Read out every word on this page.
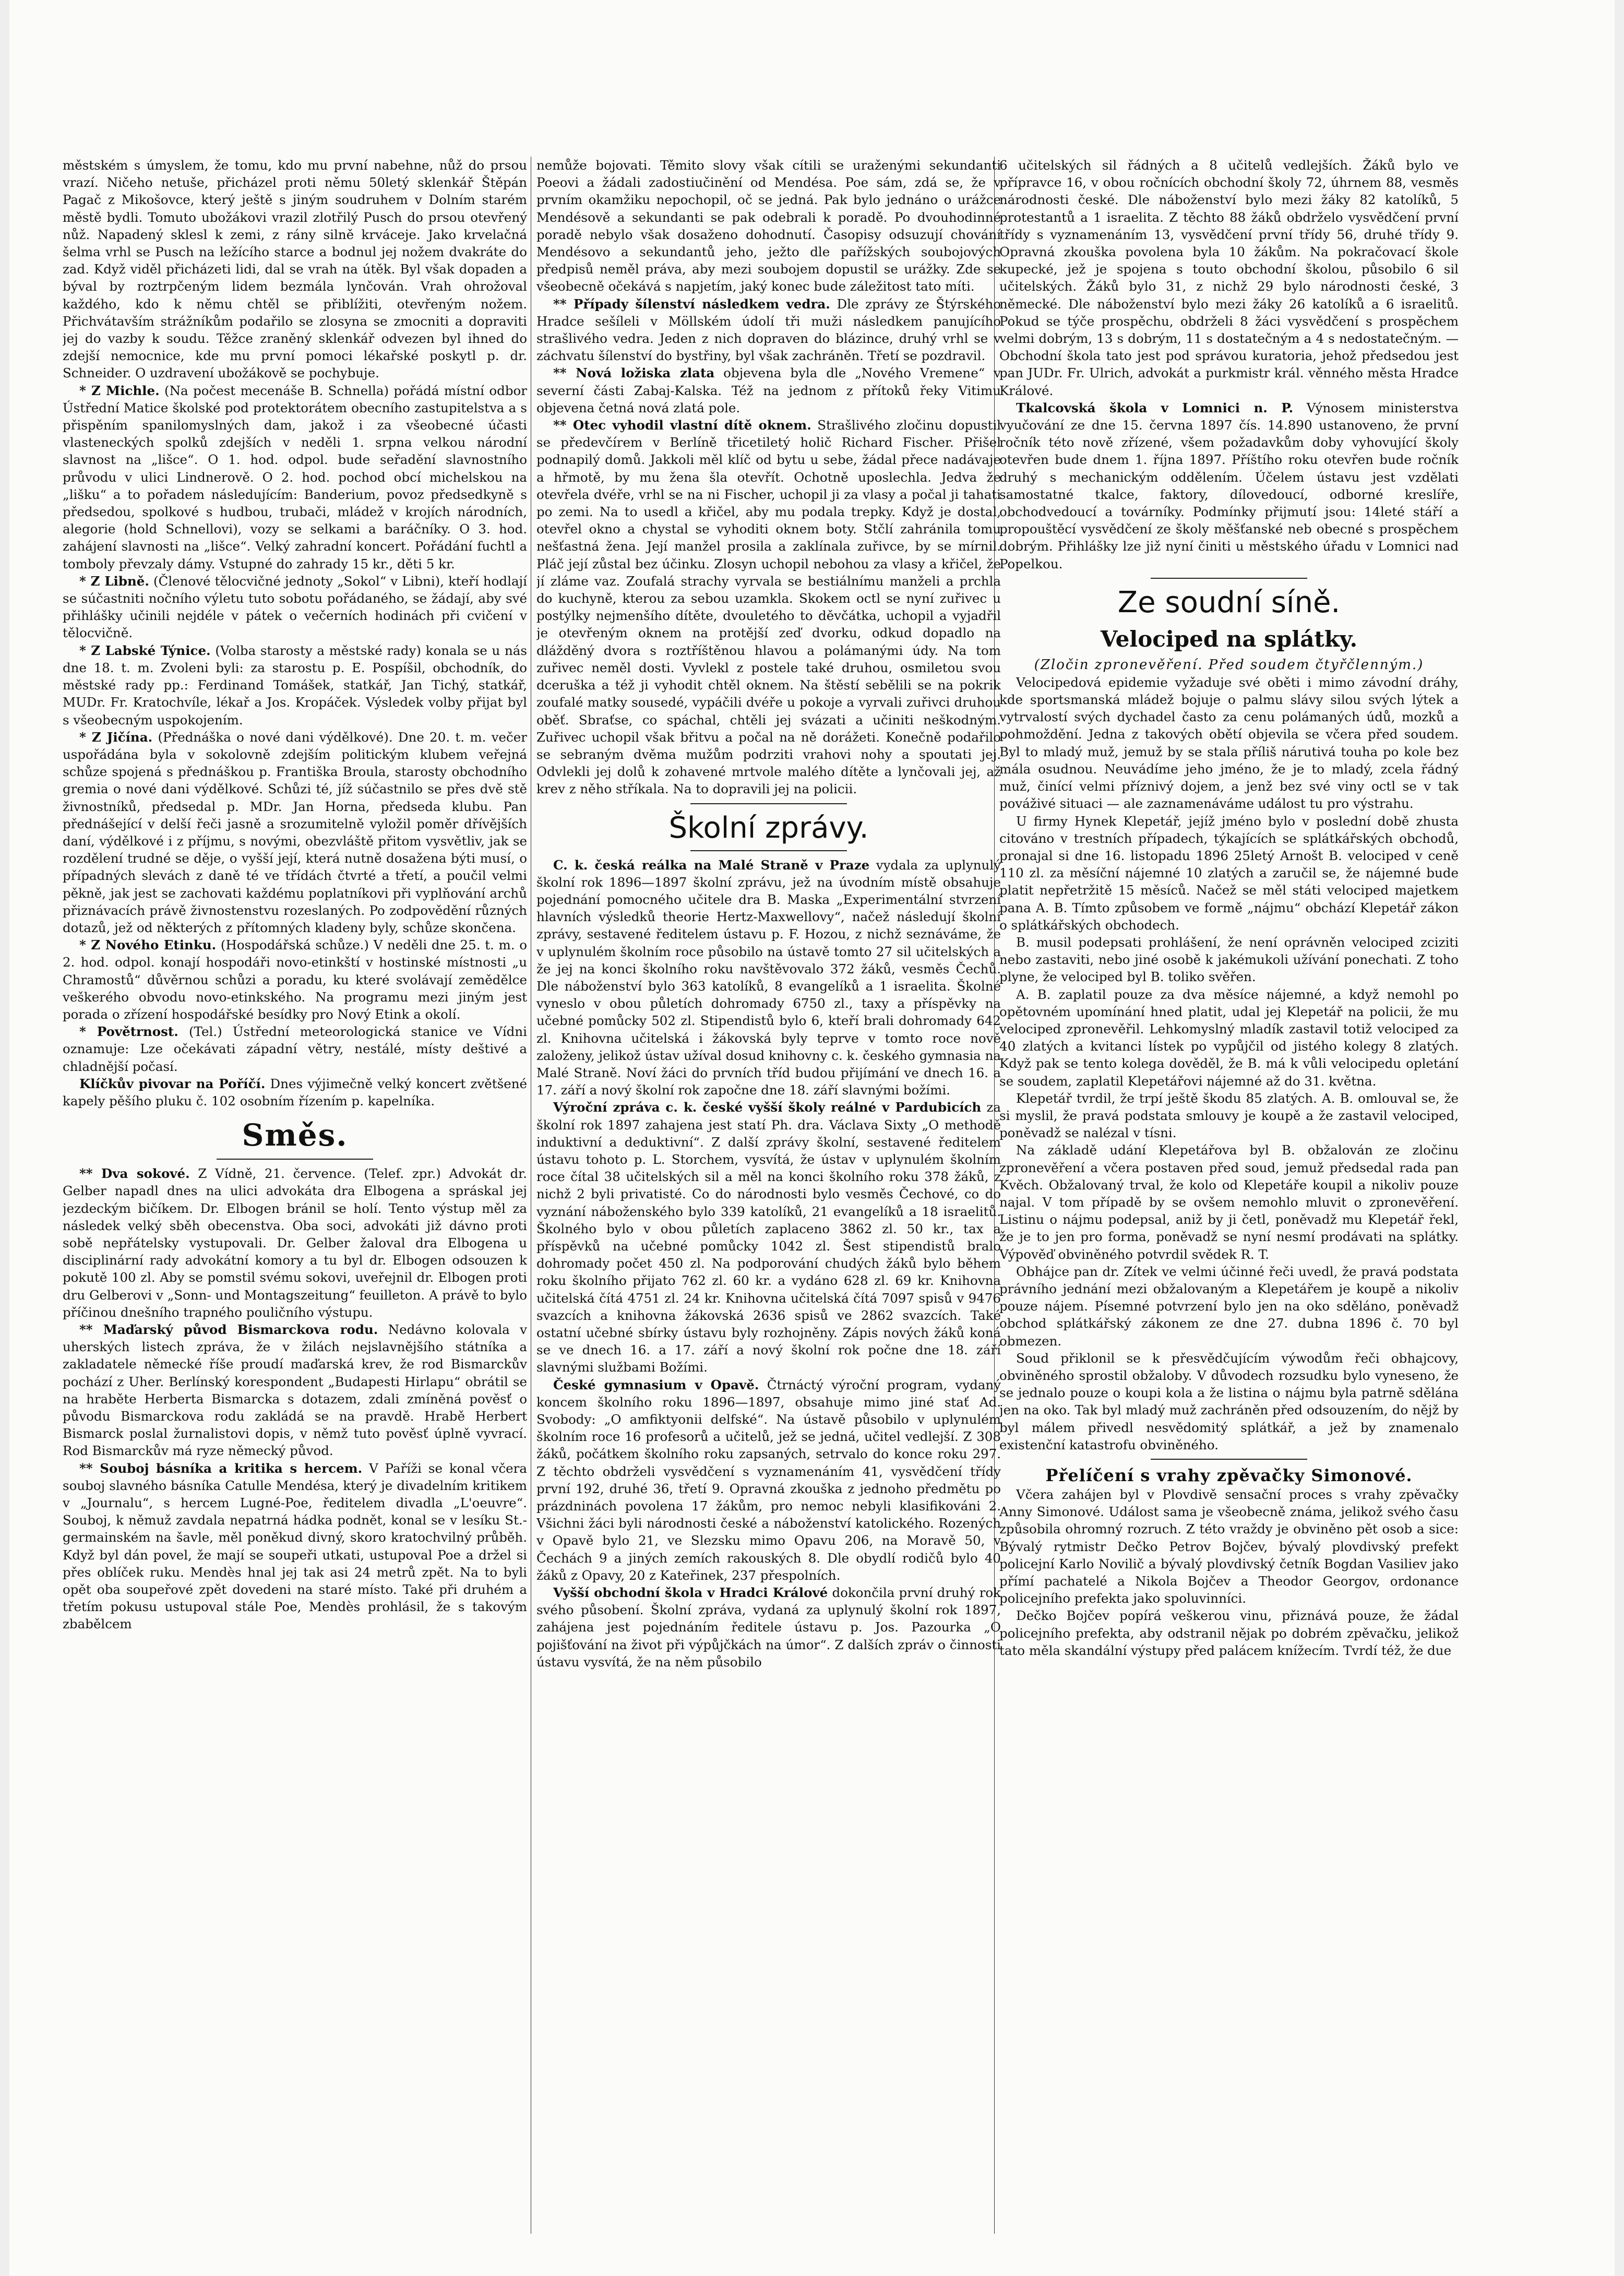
městském s úmyslem, že tomu, kdo mu první nabehne, nůž do prsou vrazí. Ničeho netuše, přicházel proti němu 50letý sklenkář Štěpán Pagač z Mikošovce, který ještě s jiným soudruhem v Dolním starém městě bydli. Tomuto ubožákovi vrazil zlotřilý Pusch do prsou otevřený nůž. Napadený sklesl k zemi, z rány silně krváceje. Jako krvelačná šelma vrhl se Pusch na ležícího starce a bodnul jej nožem dvakráte do zad. Když viděl přicházeti lidi, dal se vrah na útěk. Byl však dopaden a býval by roztrpčeným lidem bezmála lynčován. Vrah ohrožoval každého, kdo k němu chtěl se přiblížiti, otevřeným nožem. Přichvátavším strážníkům podařilo se zlosyna se zmocniti a dopraviti jej do vazby k soudu. Těžce zraněný sklenkář odvezen byl ihned do zdejší nemocnice, kde mu první pomoci lékařské poskytl p. dr. Schneider. O uzdravení ubožákově se pochybuje.

* Z Michle. (Na počest mecenáše B. Schnella) pořádá místní odbor Ústřední Matice školské pod protektorátem obecního zastupitelstva a s přispěním spanilomyslných dam, jakož i za všeobecné účasti vlasteneckých spolků zdejších v neděli 1. srpna velkou národní slavnost na „lišce“. O 1. hod. odpol. bude seřadění slavnostního průvodu v ulici Lindnerově. O 2. hod. pochod obcí michelskou na „lišku“ a to pořadem následujícím: Banderium, povoz předsedkyně s předsedou, spolkové s hudbou, trubači, mládež v krojích národních, alegorie (hold Schnellovi), vozy se selkami a baráčníky. O 3. hod. zahájení slavnosti na „lišce“. Velký zahradní koncert. Pořádání fuchtl a tomboly převzaly dámy. Vstupné do zahrady 15 kr., děti 5 kr.

* Z Libně. (Členové tělocvičné jednoty „Sokol“ v Libni), kteří hodlají se súčastniti nočního výletu tuto sobotu pořádaného, se žádají, aby své přihlášky učinili nejdéle v pátek o večerních hodinách při cvičení v tělocvičně.

* Z Labské Týnice. (Volba starosty a městské rady) konala se u nás dne 18. t. m. Zvoleni byli: za starostu p. E. Pospíšil, obchodník, do městské rady pp.: Ferdinand Tomášek, statkář, Jan Tichý, statkář, MUDr. Fr. Kratochvíle, lékař a Jos. Kropáček. Výsledek volby přijat byl s všeobecným uspokojením.

* Z Jičína. (Přednáška o nové dani výdělkové). Dne 20. t. m. večer uspořádána byla v sokolovně zdejším politickým klubem veřejná schůze spojená s přednáškou p. Františka Broula, starosty obchodního gremia o nové dani výdělkové. Schůzi té, jíž súčastnilo se přes dvě stě živnostníků, předsedal p. MDr. Jan Horna, předseda klubu. Pan přednášející v delší řeči jasně a srozumitelně vyložil poměr dřívějších daní, výdělkové i z příjmu, s novými, obezvláště přitom vysvětliv, jak se rozdělení trudné se děje, o vyšší její, která nutně dosažena býti musí, o případných slevách z daně té ve třídách čtvrté a třetí, a poučil velmi pěkně, jak jest se zachovati každému poplatníkovi při vyplňování archů přiznávacích právě živnostenstvu rozeslaných. Po zodpovědění různých dotazů, jež od některých z přítomných kladeny byly, schůze skončena.

* Z Nového Etinku. (Hospodářská schůze.) V neděli dne 25. t. m. o 2. hod. odpol. konají hospodáři novo-etinkští v hostinské místnosti „u Chramostů“ důvěrnou schůzi a poradu, ku které svolávají zemědělce veškerého obvodu novo-etinkského. Na programu mezi jiným jest porada o zřízení hospodářské besídky pro Nový Etink a okolí.

* Povětrnost. (Tel.) Ústřední meteorologická stanice ve Vídni oznamuje: Lze očekávati západní větry, nestálé, místy deštivé a chladnější počasí.

Klíčkův pivovar na Poříčí. Dnes výjimečně velký koncert zvětšené kapely pěšího pluku č. 102 osobním řízením p. kapelníka.

Směs.

** Dva sokové. Z Vídně, 21. července. (Telef. zpr.) Advokát dr. Gelber napadl dnes na ulici advokáta dra Elbogena a spráskal jej jezdeckým bičíkem. Dr. Elbogen bránil se holí. Tento výstup měl za následek velký sběh obecenstva. Oba soci, advokáti již dávno proti sobě nepřátelsky vystupovali. Dr. Gelber žaloval dra Elbogena u disciplinární rady advokátní komory a tu byl dr. Elbogen odsouzen k pokutě 100 zl. Aby se pomstil svému sokovi, uveřejnil dr. Elbogen proti dru Gelberovi v „Sonn- und Montagszeitung“ feuilleton. A právě to bylo příčinou dnešního trapného pouličního výstupu.

** Maďarský původ Bismarckova rodu. Nedávno kolovala v uherských listech zpráva, že v žilách nejslavnějšího státníka a zakladatele německé říše proudí maďarská krev, že rod Bismarckův pochází z Uher. Berlínský korespondent „Budapesti Hirlapu“ obrátil se na hraběte Herberta Bismarcka s dotazem, zdali zmíněná pověsť o původu Bismarckova rodu zakládá se na pravdě. Hrabě Herbert Bismarck poslal žurnalistovi dopis, v němž tuto pověsť úplně vyvrací. Rod Bismarckův má ryze německý původ.

** Souboj básníka a kritika s hercem. V Paříži se konal včera souboj slavného básníka Catulle Mendésa, který je divadelním kritikem v „Journalu“, s hercem Lugné-Poe, ředitelem divadla „L'oeuvre“. Souboj, k němuž zavdala nepatrná hádka podnět, konal se v lesíku St.-germainském na šavle, měl poněkud divný, skoro kratochvilný průběh. Když byl dán povel, že mají se soupeři utkati, ustupoval Poe a držel si přes oblíček ruku. Mendès hnal jej tak asi 24 metrů zpět. Na to byli opět oba soupeřové zpět dovedeni na staré místo. Také při druhém a třetím pokusu ustupoval stále Poe, Mendès prohlásil, že s takovým zbabělcem

nemůže bojovati. Těmito slovy však cítili se uraženými sekundanti Poeovi a žádali zadostiučinění od Mendésa. Poe sám, zdá se, že v prvním okamžiku nepochopil, oč se jedná. Pak bylo jednáno o urážce Mendésově a sekundanti se pak odebrali k poradě. Po dvouhodinné poradě nebylo však dosaženo dohodnutí. Časopisy odsuzují chování Mendésovo a sekundantů jeho, ježto dle pařížských soubojových předpisů neměl práva, aby mezi soubojem dopustil se urážky. Zde se všeobecně očekává s napjetím, jaký konec bude záležitost tato míti.

** Případy šílenství následkem vedra. Dle zprávy ze Štýrského Hradce sešíleli v Möllském údolí tři muži následkem panujícího strašlivého vedra. Jeden z nich dopraven do blázince, druhý vrhl se v záchvatu šílenství do bystřiny, byl však zachráněn. Třetí se pozdravil.

** Nová ložiska zlata objevena byla dle „Nového Vremene“ v severní části Zabaj-Kalska. Též na jednom z přítoků řeky Vitimu objevena četná nová zlatá pole.

** Otec vyhodil vlastní dítě oknem. Strašlivého zločinu dopustil se předevčírem v Berlíně třicetiletý holič Richard Fischer. Přišel podnapilý domů. Jakkoli měl klíč od bytu u sebe, žádal přece nadávaje a hřmotě, by mu žena šla otevřít. Ochotně uposlechla. Jedva že otevřela dvéře, vrhl se na ni Fischer, uchopil ji za vlasy a počal ji tahati po zemi. Na to usedl a křičel, aby mu podala trepky. Když je dostal, otevřel okno a chystal se vyhoditi oknem boty. Stčlí zahránila tomu nešťastná žena. Její manžel prosila a zaklínala zuřivce, by se mírnil. Pláč její zůstal bez účinku. Zlosyn uchopil nebohou za vlasy a křičel, že jí zláme vaz. Zoufalá strachy vyrvala se bestiálnímu manželi a prchla do kuchyně, kterou za sebou uzamkla. Skokem octl se nyní zuřivec u postýlky nejmenšího dítěte, dvouletého to děvčátka, uchopil a vyjadřil je otevřeným oknem na protější zeď dvorku, odkud dopadlo na dlážděný dvora s roztříštěnou hlavou a polámanými údy. Na tom zuřivec neměl dosti. Vyvlekl z postele také druhou, osmiletou svou dceruška a též ji vyhodit chtěl oknem. Na štěstí sebělili se na pokrik zoufalé matky sousedé, vypáčili dvéře u pokoje a vyrvali zuřivci druhou oběť. Sbraťse, co spáchal, chtěli jej svázati a učiniti neškodným. Zuřivec uchopil však břitvu a počal na ně dorážeti. Konečně podařilo se sebraným dvěma mužům podrziti vrahovi nohy a spoutati jej. Odvlekli jej dolů k zohavené mrtvole malého dítěte a lynčovali jej, až krev z něho stříkala. Na to dopravili jej na policii.

Školní zprávy.

C. k. česká reálka na Malé Straně v Praze vydala za uplynulý školní rok 1896—1897 školní zprávu, jež na úvodním místě obsahuje pojednání pomocného učitele dra B. Maska „Experimentální stvrzení hlavních výsledků theorie Hertz-Maxwellovy“, načež následují školní zprávy, sestavené ředitelem ústavu p. F. Hozou, z nichž seznáváme, že v uplynulém školním roce působilo na ústavě tomto 27 sil učitelských a že jej na konci školního roku navštěvovalo 372 žáků, vesměs Čechů. Dle náboženství bylo 363 katolíků, 8 evangelíků a 1 israelita. Školné vyneslo v obou půletích dohromady 6750 zl., taxy a příspěvky na učebné pomůcky 502 zl. Stipendistů bylo 6, kteří brali dohromady 642 zl. Knihovna učitelská i žákovská byly teprve v tomto roce nově založeny, jelikož ústav užíval dosud knihovny c. k. českého gymnasia na Malé Straně. Noví žáci do prvních tříd budou přijímání ve dnech 16. a 17. září a nový školní rok započne dne 18. září slavnými božími.

Výroční zpráva c. k. české vyšší školy reálné v Pardubicích za školní rok 1897 zahajena jest statí Ph. dra. Václava Sixty „O methodě induktivní a deduktivní“. Z další zprávy školní, sestavené ředitelem ústavu tohoto p. L. Storchem, vysvítá, že ústav v uplynulém školním roce čítal 38 učitelských sil a měl na konci školního roku 378 žáků, z nichž 2 byli privatisté. Co do národnosti bylo vesměs Čechové, co do vyznání náboženského bylo 339 katolíků, 21 evangelíků a 18 israelitů. Školného bylo v obou půletích zaplaceno 3862 zl. 50 kr., tax a příspěvků na učebné pomůcky 1042 zl. Šest stipendistů bralo dohromady počet 450 zl. Na podporování chudých žáků bylo během roku školního přijato 762 zl. 60 kr. a vydáno 628 zl. 69 kr. Knihovna učitelská čítá 4751 zl. 24 kr. Knihovna učitelská čítá 7097 spisů v 9476 svazcích a knihovna žákovská 2636 spisů ve 2862 svazcích. Také ostatní učebné sbírky ústavu byly rozhojněny. Zápis nových žáků koná se ve dnech 16. a 17. září a nový školní rok počne dne 18. září slavnými službami Božími.

České gymnasium v Opavě. Čtrnáctý výroční program, vydaný koncem školního roku 1896—1897, obsahuje mimo jiné stať Ad. Svobody: „O amfiktyonii delfské“. Na ústavě působilo v uplynulém školním roce 16 profesorů a učitelů, jež se jedná, učitel vedlejší. Z 308 žáků, počátkem školního roku zapsaných, setrvalo do konce roku 297. Z těchto obdrželi vysvědčení s vyznamenáním 41, vysvědčení třídy první 192, druhé 36, třetí 9. Opravná zkouška z jednoho předmětu po prázdninách povolena 17 žákům, pro nemoc nebyli klasifikováni 2. Všichni žáci byli národnosti české a náboženství katolického. Rozených v Opavě bylo 21, ve Slezsku mimo Opavu 206, na Moravě 50, v Čechách 9 a jiných zemích rakouských 8. Dle obydlí rodičů bylo 40 žáků z Opavy, 20 z Kateřinek, 237 přespolních.

Vyšší obchodní škola v Hradci Králové dokončila první druhý rok svého působení. Školní zpráva, vydaná za uplynulý školní rok 1897, zahájena jest pojednáním ředitele ústavu p. Jos. Pazourka „O pojišťování na život při výpůjčkách na úmor“. Z dalších zpráv o činnosti ústavu vysvítá, že na něm působilo

6 učitelských sil řádných a 8 učitelů vedlejších. Žáků bylo ve přípravce 16, v obou ročnících obchodní školy 72, úhrnem 88, vesměs národnosti české. Dle náboženství bylo mezi žáky 82 katolíků, 5 protestantů a 1 israelita. Z těchto 88 žáků obdrželo vysvědčení první třídy s vyznamenáním 13, vysvědčení první třídy 56, druhé třídy 9. Opravná zkouška povolena byla 10 žákům. Na pokračovací škole kupecké, jež je spojena s touto obchodní školou, působilo 6 sil učitelských. Žáků bylo 31, z nichž 29 bylo národnosti české, 3 německé. Dle náboženství bylo mezi žáky 26 katolíků a 6 israelitů. Pokud se týče prospěchu, obdrželi 8 žáci vysvědčení s prospěchem velmi dobrým, 13 s dobrým, 11 s dostatečným a 4 s nedostatečným. — Obchodní škola tato jest pod správou kuratoria, jehož předsedou jest pan JUDr. Fr. Ulrich, advokát a purkmistr král. věnného města Hradce Králové.

Tkalcovská škola v Lomnici n. P. Výnosem ministerstva vyučování ze dne 15. června 1897 čís. 14.890 ustanoveno, že první ročník této nově zřízené, všem požadavkům doby vyhovující školy otevřen bude dnem 1. října 1897. Příštího roku otevřen bude ročník druhý s mechanickým oddělením. Účelem ústavu jest vzdělati samostatné tkalce, faktory, dílovedoucí, odborné kreslíře, obchodvedoucí a továrníky. Podmínky přijmutí jsou: 14leté stáří a propouštěcí vysvědčení ze školy měšťanské neb obecné s prospěchem dobrým. Přihlášky lze již nyní činiti u městského úřadu v Lomnici nad Popelkou.

Ze soudní síně.
Velociped na splátky.
(Zločin zpronevěření. Před soudem čtyřčlenným.)

Velocipedová epidemie vyžaduje své oběti i mimo závodní dráhy, kde sportsmanská mládež bojuje o palmu slávy silou svých lýtek a vytrvalostí svých dychadel často za cenu polámaných údů, mozků a pohmoždění. Jedna z takových obětí objevila se včera před soudem. Byl to mladý muž, jemuž by se stala příliš nárutivá touha po kole bez mála osudnou. Neuvádíme jeho jméno, že je to mladý, zcela řádný muž, činící velmi příznivý dojem, a jenž bez své viny octl se v tak pováživé situaci — ale zaznamenáváme událost tu pro výstrahu.

U firmy Hynek Klepetář, jejíž jméno bylo v poslední době zhusta citováno v trestních případech, týkajících se splátkářských obchodů, pronajal si dne 16. listopadu 1896 25letý Arnošt B. velociped v ceně 110 zl. za měsíční nájemné 10 zlatých a zaručil se, že nájemné bude platit nepřetržitě 15 měsíců. Načež se měl státi velociped majetkem pana A. B. Tímto způsobem ve formě „nájmu“ obchází Klepetář zákon o splátkářských obchodech.

B. musil podepsati prohlášení, že není oprávněn velociped zciziti nebo zastaviti, nebo jiné osobě k jakémukoli užívání ponechati. Z toho plyne, že velociped byl B. toliko svěřen.

A. B. zaplatil pouze za dva měsíce nájemné, a když nemohl po opětovném upomínání hned platit, udal jej Klepetář na policii, že mu velociped zpronevěřil. Lehkomyslný mladík zastavil totiž velociped za 40 zlatých a kvitanci lístek po vypůjčil od jistého kolegy 8 zlatých. Když pak se tento kolega dověděl, že B. má k vůli velocipedu opletání se soudem, zaplatil Klepetářovi nájemné až do 31. května.

Klepetář tvrdil, že trpí ještě škodu 85 zlatých. A. B. omlouval se, že si myslil, že pravá podstata smlouvy je koupě a že zastavil velociped, poněvadž se nalézal v tísni.

Na základě udání Klepetářova byl B. obžalován ze zločinu zpronevěření a včera postaven před soud, jemuž předsedal rada pan Kvěch. Obžalovaný trval, že kolo od Klepetáře koupil a nikoliv pouze najal. V tom případě by se ovšem nemohlo mluvit o zpronevěření. Listinu o nájmu podepsal, aniž by ji četl, poněvadž mu Klepetář řekl, že je to jen pro forma, poněvadž se nyní nesmí prodávati na splátky. Výpověď obviněného potvrdil svědek R. T.

Obhájce pan dr. Zítek ve velmi účinné řeči uvedl, že pravá podstata právního jednání mezi obžalovaným a Klepetářem je koupě a nikoliv pouze nájem. Písemné potvrzení bylo jen na oko sděláno, poněvadž obchod splátkářský zákonem ze dne 27. dubna 1896 č. 70 byl obmezen.

Soud přiklonil se k přesvědčujícím výwodům řeči obhajcovy, obviněného sprostil obžaloby. V důvodech rozsudku bylo vyneseno, že se jednalo pouze o koupi kola a že listina o nájmu byla patrně sdělána jen na oko. Tak byl mladý muž zachráněn před odsouzením, do nějž by byl málem přivedl nesvědomitý splátkář, a jež by znamenalo existenční katastrofu obviněného.

Přelíčení s vrahy zpěvačky Simonové.

Včera zahájen byl v Plovdivě sensační proces s vrahy zpěvačky Anny Simonové. Událost sama je všeobecně známa, jelikož svého času způsobila ohromný rozruch. Z této vraždy je obviněno pět osob a sice: Bývalý rytmistr Dečko Petrov Bojčev, bývalý plovdivský prefekt policejní Karlo Novilič a bývalý plovdivský četník Bogdan Vasiliev jako přímí pachatelé a Nikola Bojčev a Theodor Georgov, ordonance policejního prefekta jako spoluvinníci.

Dečko Bojčev popírá veškerou vinu, přiznává pouze, že žádal policejního prefekta, aby odstranil nějak po dobrém zpěvačku, jelikož tato měla skandální výstupy před palácem knížecím. Tvrdí též, že due
